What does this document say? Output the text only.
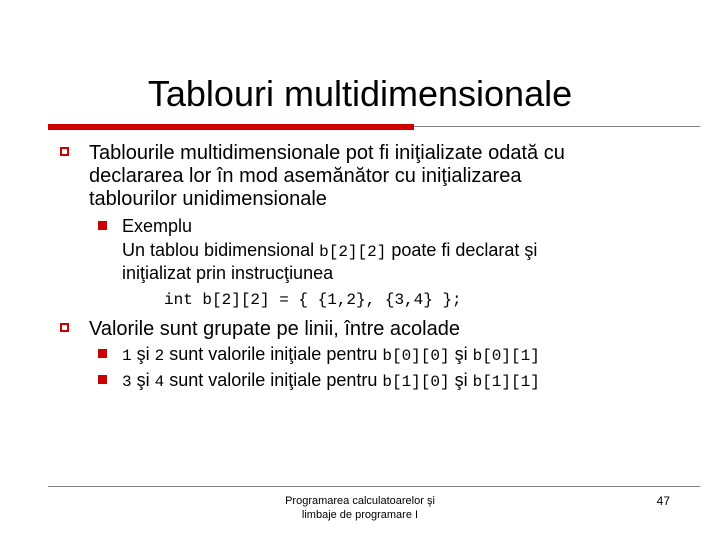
Tablouri multidimensionale
Tablourile multidimensionale pot fi iniţializate odată cu
declararea lor în mod asemănător cu iniţializarea
tablourilor unidimensionale
Exemplu
Un tablou bidimensional b[2][2] poate fi declarat şi
iniţializat prin instrucţiunea
int b[2][2] = { {1,2}, {3,4} };
Valorile sunt grupate pe linii, între acolade
1 şi 2 sunt valorile iniţiale pentru b[0][0] şi b[0][1]
3 şi 4 sunt valorile iniţiale pentru b[1][0] şi b[1][1]
Programarea calculatoarelor şi
limbaje de programare I
47
